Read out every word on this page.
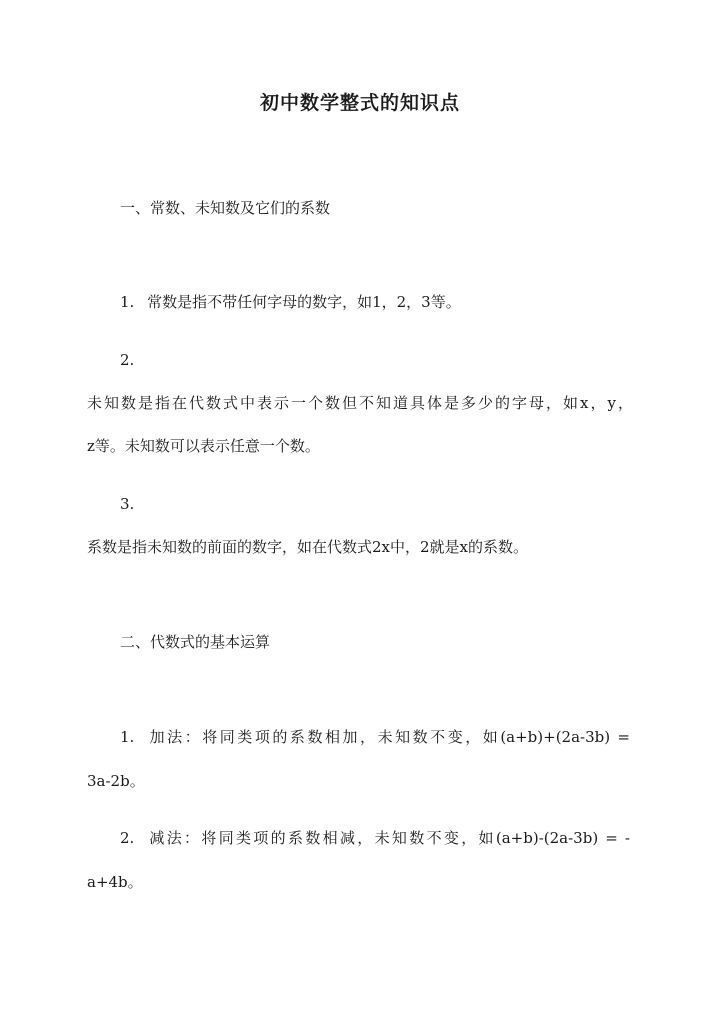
初中数学整式的知识点
一、常数、未知数及它们的系数
1. 常数是指不带任何字母的数字，如1，2，3等。
2.
未知数是指在代数式中表示一个数但不知道具体是多少的字母，如x，y，
z等。未知数可以表示任意一个数。
3.
系数是指未知数的前面的数字，如在代数式2x中，2就是x的系数。
二、代数式的基本运算
1. 加法：将同类项的系数相加，未知数不变，如(a+b)+(2a-3b) =
3a-2b。
2. 减法：将同类项的系数相减，未知数不变，如(a+b)-(2a-3b) = -
a+4b。
